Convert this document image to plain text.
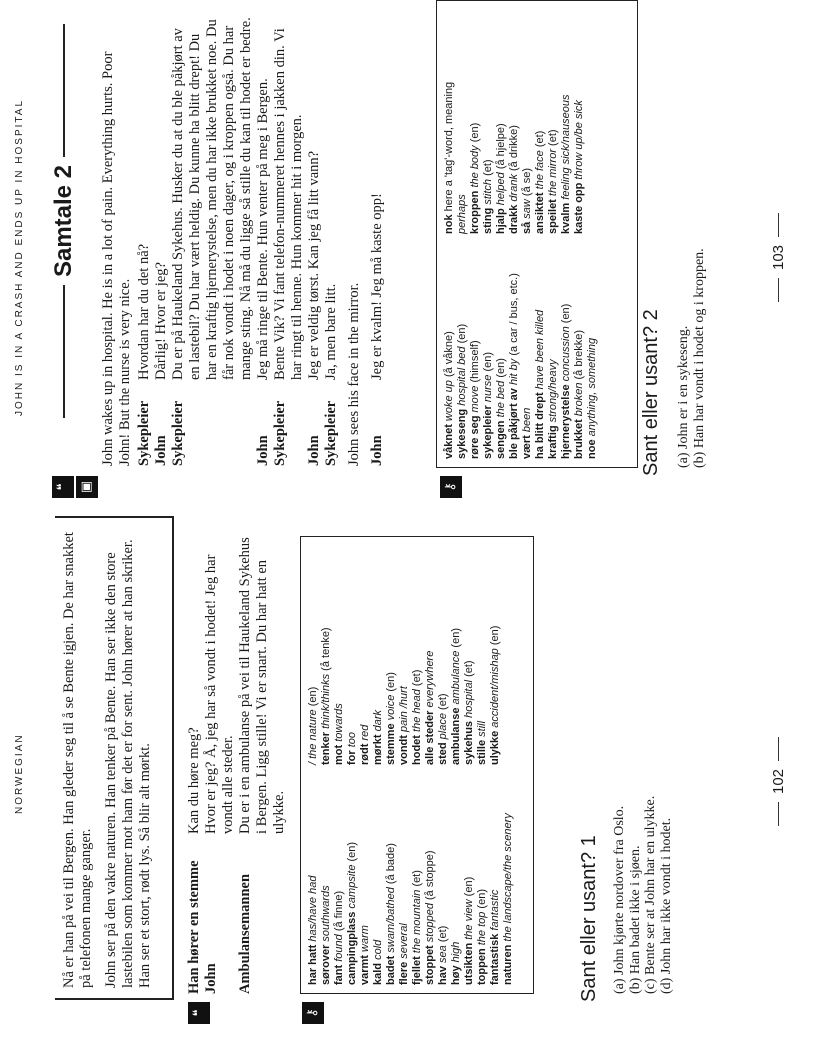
NORWEGIAN Nå er han på vei til Bergen. Han gleder seg til å se Bente igjen. De har snakket på telefonen mange ganger. John ser på den vakre naturen. Han tenker på Bente. Han ser ikke den store lastebilen som kommer mot ham før det er for sent. John hører at han skriker. Han ser et stort, rødt lys. Så blir alt mørkt.

❝
Han hører en stemme
Kan du høre meg?
John
Hvor er jeg? Å, jeg har så vondt i hodet! Jeg har vondt alle steder.
Ambulansemannen
Du er i en ambulanse på vei til Haukeland Sykehus i Bergen. Ligg stille! Vi er snart. Du har hatt en ulykke.
⚷
har hatt has/have had
sørover southwards
fant found (å finne)
campingplass campsite (en)
varmt warm
kald cold
badet swam/bathed (å bade)
flere several
fjellet the mountain (et)
stoppet stopped (å stoppe)
hav sea (et)
høy high utsikten the view (en)
toppen the top (en)
fantastisk fantastic
naturen the landscape/the scenery
/ the nature (en)
tenker think/thinks (å tenke)
mot towards
for too
rødt red
mørkt dark
stemme voice (en)
vondt pain /hurt
hodet the head (et)
alle steder everywhere
sted place (et)
ambulanse ambulance (en)
sykehus hospital (et)
stille still
ulykke accident/mishap (en)
Sant eller usant? 1 (a) John kjørte nordover fra Oslo. (b) Han badet ikke i sjøen. (c) Bente ser at John har en ulykke. (d) John har ikke vondt i hodet.
102
JOHN IS IN A CRASH AND ENDS UP IN HOSPITAL Samtale 2
❝ ▣
John wakes up in hospital. He is in a lot of pain. Everything hurts. Poor John! But the nurse is very nice. Sykepleier
Hvordan har du det nå?
John
Dårlig! Hvor er jeg?
Sykepleier
Du er på Haukeland Sykehus. Husker du at du ble påkjørt av en lastebil? Du har vært heldig. Du kunne ha blitt drept! Du har en kraftig hjernerystelse, men du har ikke brukket noe. Du får nok vondt i hodet i noen dager, og i kroppen også. Du har mange sting. Nå må du ligge så stille du kan til hodet er bedre.
John
Jeg må ringe til Bente. Hun venter på meg i Bergen.
Sykepleier
Bente Vik? Vi fant telefon-nummeret hennes i jakken din. Vi har ringt til henne. Hun kommer hit i morgen.
John
Jeg er veldig tørst. Kan jeg få litt vann?
Sykepleier
Ja, men bare litt. John sees his face in the mirror. John
Jeg er kvalm! Jeg må kaste opp!
⚷
våknet woke up (å våkne)
sykeseng hospital bed (en)
røre seg move (himself)
sykepleier nurse (en)
sengen the bed (en)
ble påkjørt av hit by (a car / bus, etc.)
vært been ha blitt drept have been killed
kraftig strong/heavy hjernerystelse concussion (en)
brukket broken (å brekke)
noe anything, something
nok here a 'tag'-word, meaning
perhaps kroppen the body (en)
sting stitch (et)
hjalp helped (å hjelpe)
drakk drank (å drikke)
så saw (å se)
ansiktet the face (et)
speilet the mirror (et)
kvalm feeling sick/nauseous
kaste opp throw up/be sick
Sant eller usant? 2 (a) John er i en sykeseng. (b) Han har vondt i hodet og i kroppen.	103
